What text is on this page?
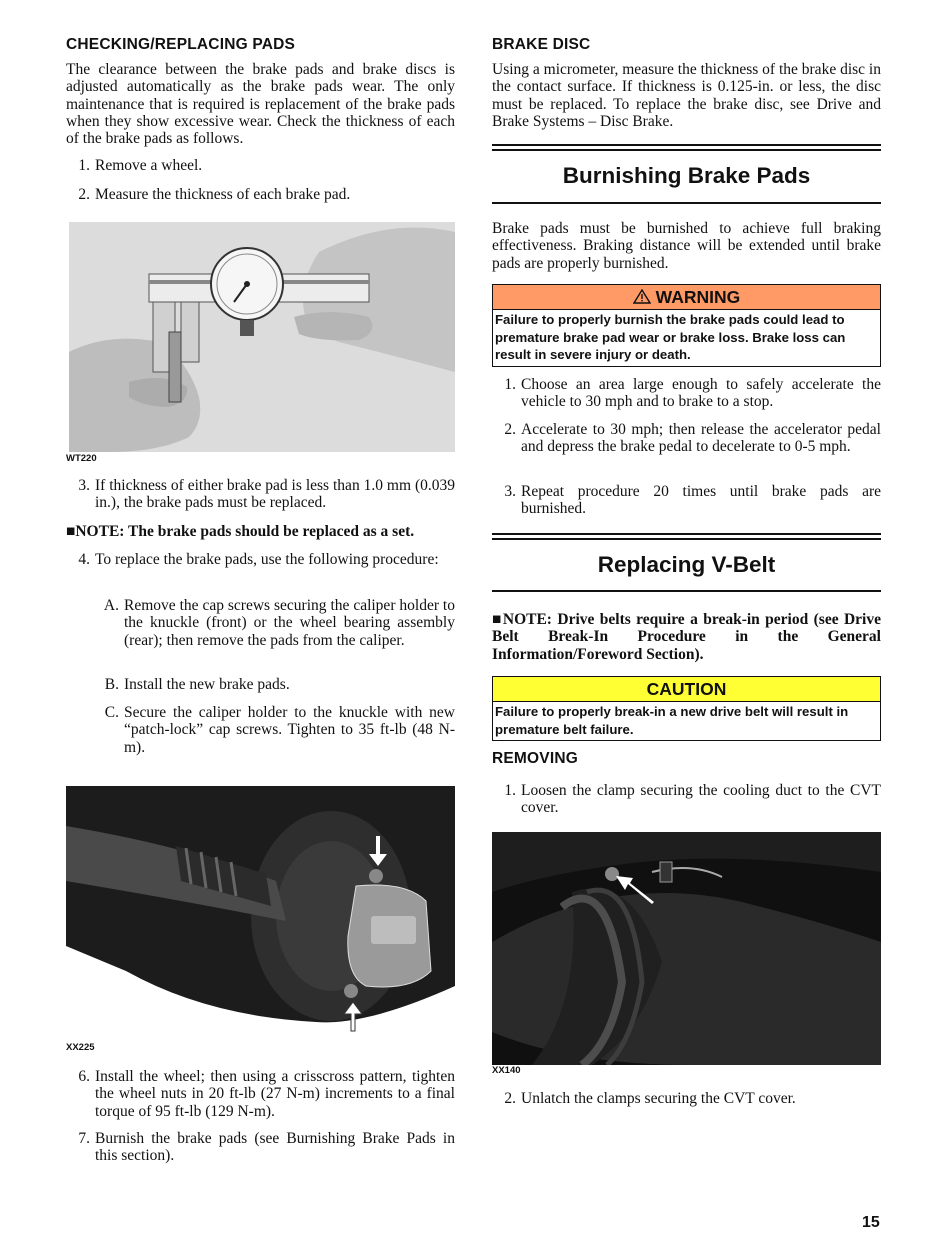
CHECKING/REPLACING PADS

The clearance between the brake pads and brake discs is adjusted automatically as the brake pads wear. The only maintenance that is required is replacement of the brake pads when they show excessive wear. Check the thickness of each of the brake pads as follows.

1. Remove a wheel.
2. Measure the thickness of each brake pad.
WT220
3. If thickness of either brake pad is less than 1.0 mm (0.039 in.), the brake pads must be replaced.
■NOTE: The brake pads should be replaced as a set.
4. To replace the brake pads, use the following procedure:
A. Remove the cap screws securing the caliper holder to the knuckle (front) or the wheel bearing assembly (rear); then remove the pads from the caliper.
B. Install the new brake pads.
C. Secure the caliper holder to the knuckle with new “patch-lock” cap screws. Tighten to 35 ft-lb (48 N-m).
XX225
6. Install the wheel; then using a crisscross pattern, tighten the wheel nuts in 20 ft-lb (27 N-m) increments to a final torque of 95 ft-lb (129 N-m).
7. Burnish the brake pads (see Burnishing Brake Pads in this section).
BRAKE DISC

Using a micrometer, measure the thickness of the brake disc in the contact surface. If thickness is 0.125-in. or less, the disc must be replaced. To replace the brake disc, see Drive and Brake Systems – Disc Brake.

Burnishing Brake Pads

Brake pads must be burnished to achieve full braking effectiveness. Braking distance will be extended until brake pads are properly burnished.

WARNING
Failure to properly burnish the brake pads could lead to premature brake pad wear or brake loss. Brake loss can result in severe injury or death.
1. Choose an area large enough to safely accelerate the vehicle to 30 mph and to brake to a stop.
2. Accelerate to 30 mph; then release the accelerator pedal and depress the brake pedal to decelerate to 0-5 mph.
3. Repeat procedure 20 times until brake pads are burnished.
Replacing V-Belt
■NOTE: Drive belts require a break-in period (see Drive Belt Break-In Procedure in the General Information/Foreword Section).
CAUTION
Failure to properly break-in a new drive belt will result in premature belt failure.
REMOVING
1. Loosen the clamp securing the cooling duct to the CVT cover.
XX140
2. Unlatch the clamps securing the CVT cover.
15
